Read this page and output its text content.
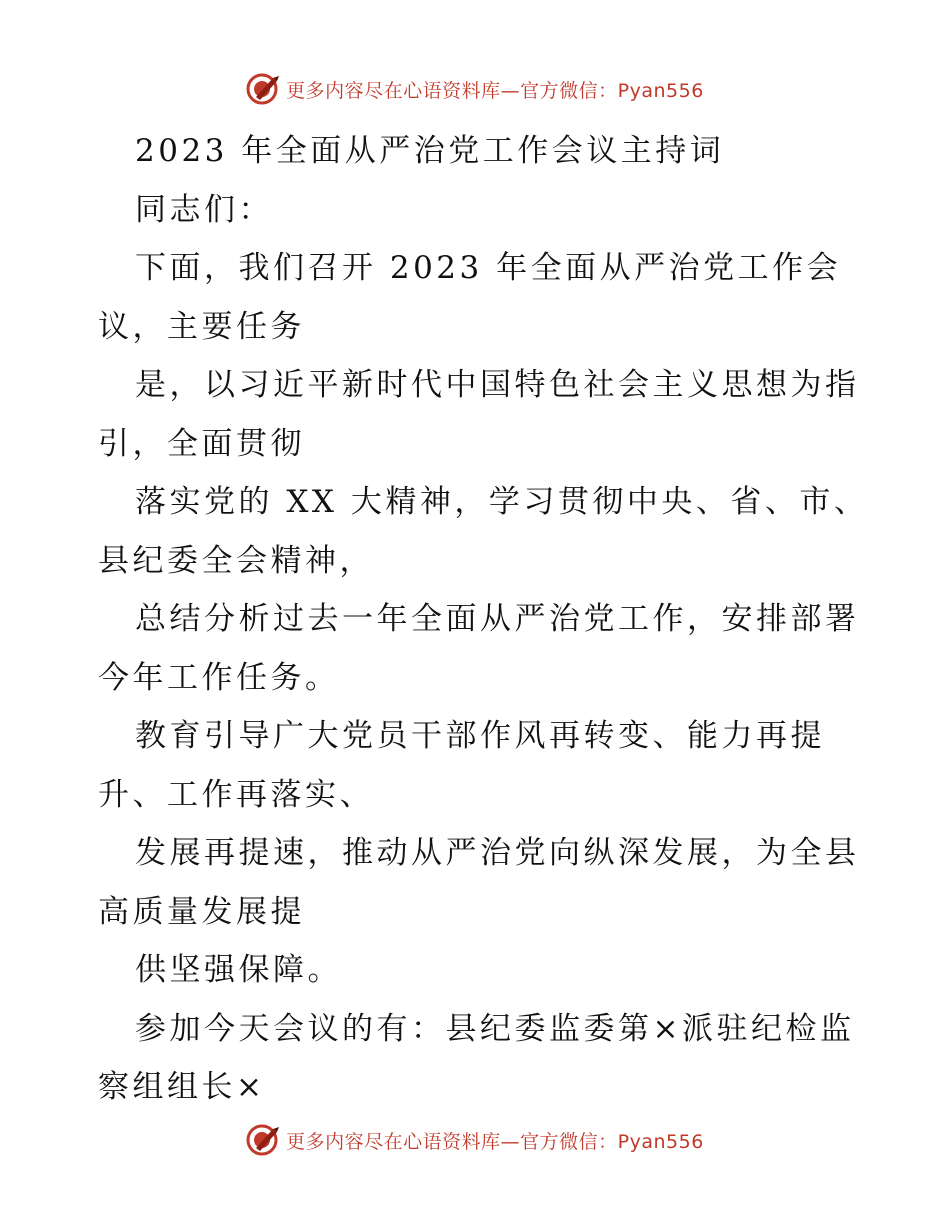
更多内容尽在心语资料库—官方微信：Pyan556
2023 年全面从严治党工作会议主持词
同志们：
下面，我们召开 2023 年全面从严治党工作会
议，主要任务
是，以习近平新时代中国特色社会主义思想为指
引，全面贯彻
落实党的 XX 大精神，学习贯彻中央、省、市、
县纪委全会精神，
总结分析过去一年全面从严治党工作，安排部署
今年工作任务。
教育引导广大党员干部作风再转变、能力再提
升、工作再落实、
发展再提速，推动从严治党向纵深发展，为全县
高质量发展提
供坚强保障。
参加今天会议的有：县纪委监委第×派驻纪检监
察组组长×
更多内容尽在心语资料库—官方微信：Pyan556
